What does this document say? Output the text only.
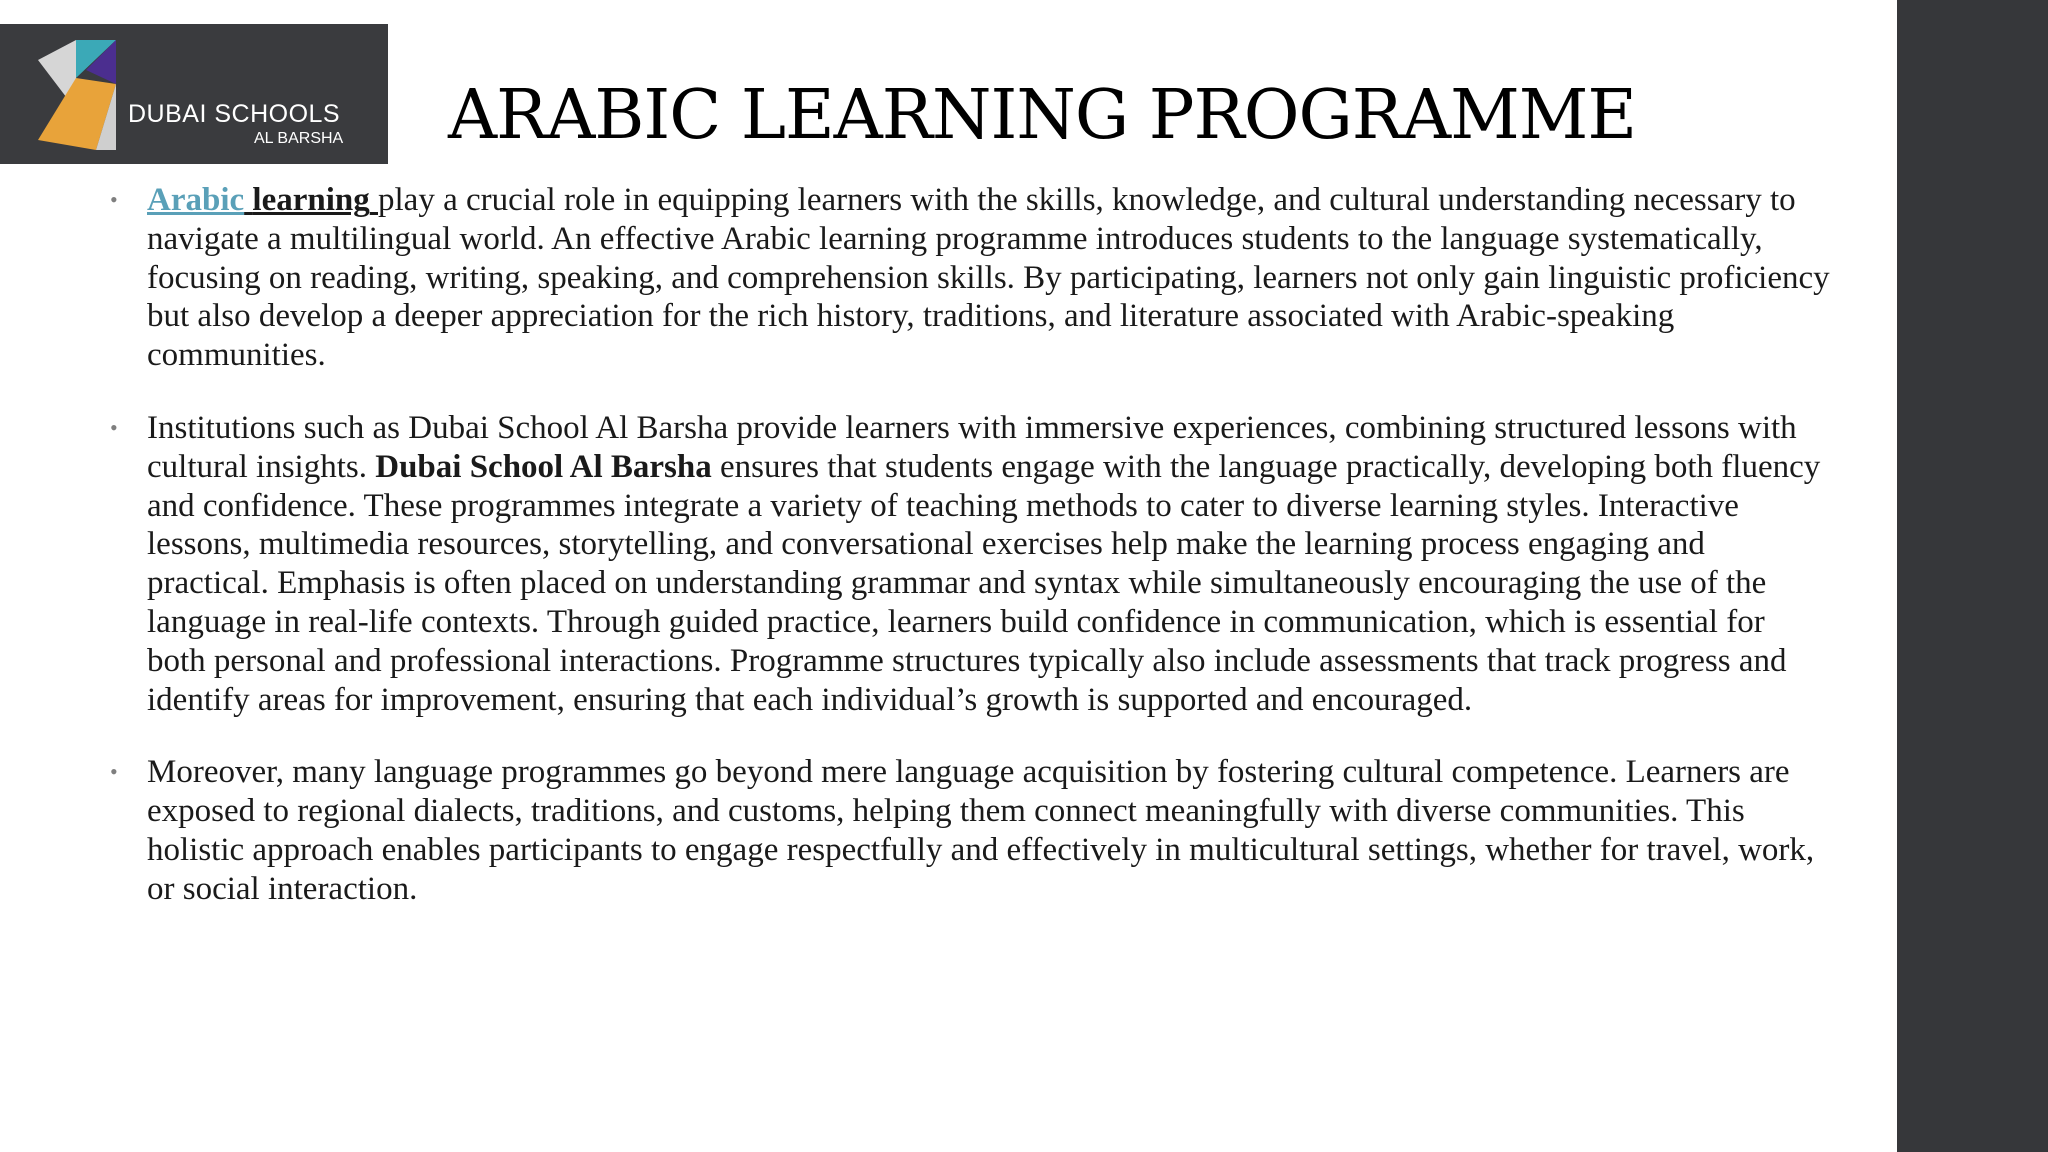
DUBAI SCHOOLS
AL BARSHA ARABIC LEARNING PROGRAMME

• Arabic learning play a crucial role in equipping learners with the skills, knowledge, and cultural understanding necessary to navigate a multilingual world. An effective Arabic learning programme introduces students to the language systematically, focusing on reading, writing, speaking, and comprehension skills. By participating, learners not only gain linguistic proficiency but also develop a deeper appreciation for the rich history, traditions, and literature associated with Arabic-speaking communities.

• Institutions such as Dubai School Al Barsha provide learners with immersive experiences, combining structured lessons with cultural insights. Dubai School Al Barsha ensures that students engage with the language practically, developing both fluency and confidence. These programmes integrate a variety of teaching methods to cater to diverse learning styles. Interactive lessons, multimedia resources, storytelling, and conversational exercises help make the learning process engaging and practical. Emphasis is often placed on understanding grammar and syntax while simultaneously encouraging the use of the language in real-life contexts. Through guided practice, learners build confidence in communication, which is essential for both personal and professional interactions. Programme structures typically also include assessments that track progress and identify areas for improvement, ensuring that each individual’s growth is supported and encouraged.

• Moreover, many language programmes go beyond mere language acquisition by fostering cultural competence. Learners are exposed to regional dialects, traditions, and customs, helping them connect meaningfully with diverse communities. This holistic approach enables participants to engage respectfully and effectively in multicultural settings, whether for travel, work, or social interaction.
